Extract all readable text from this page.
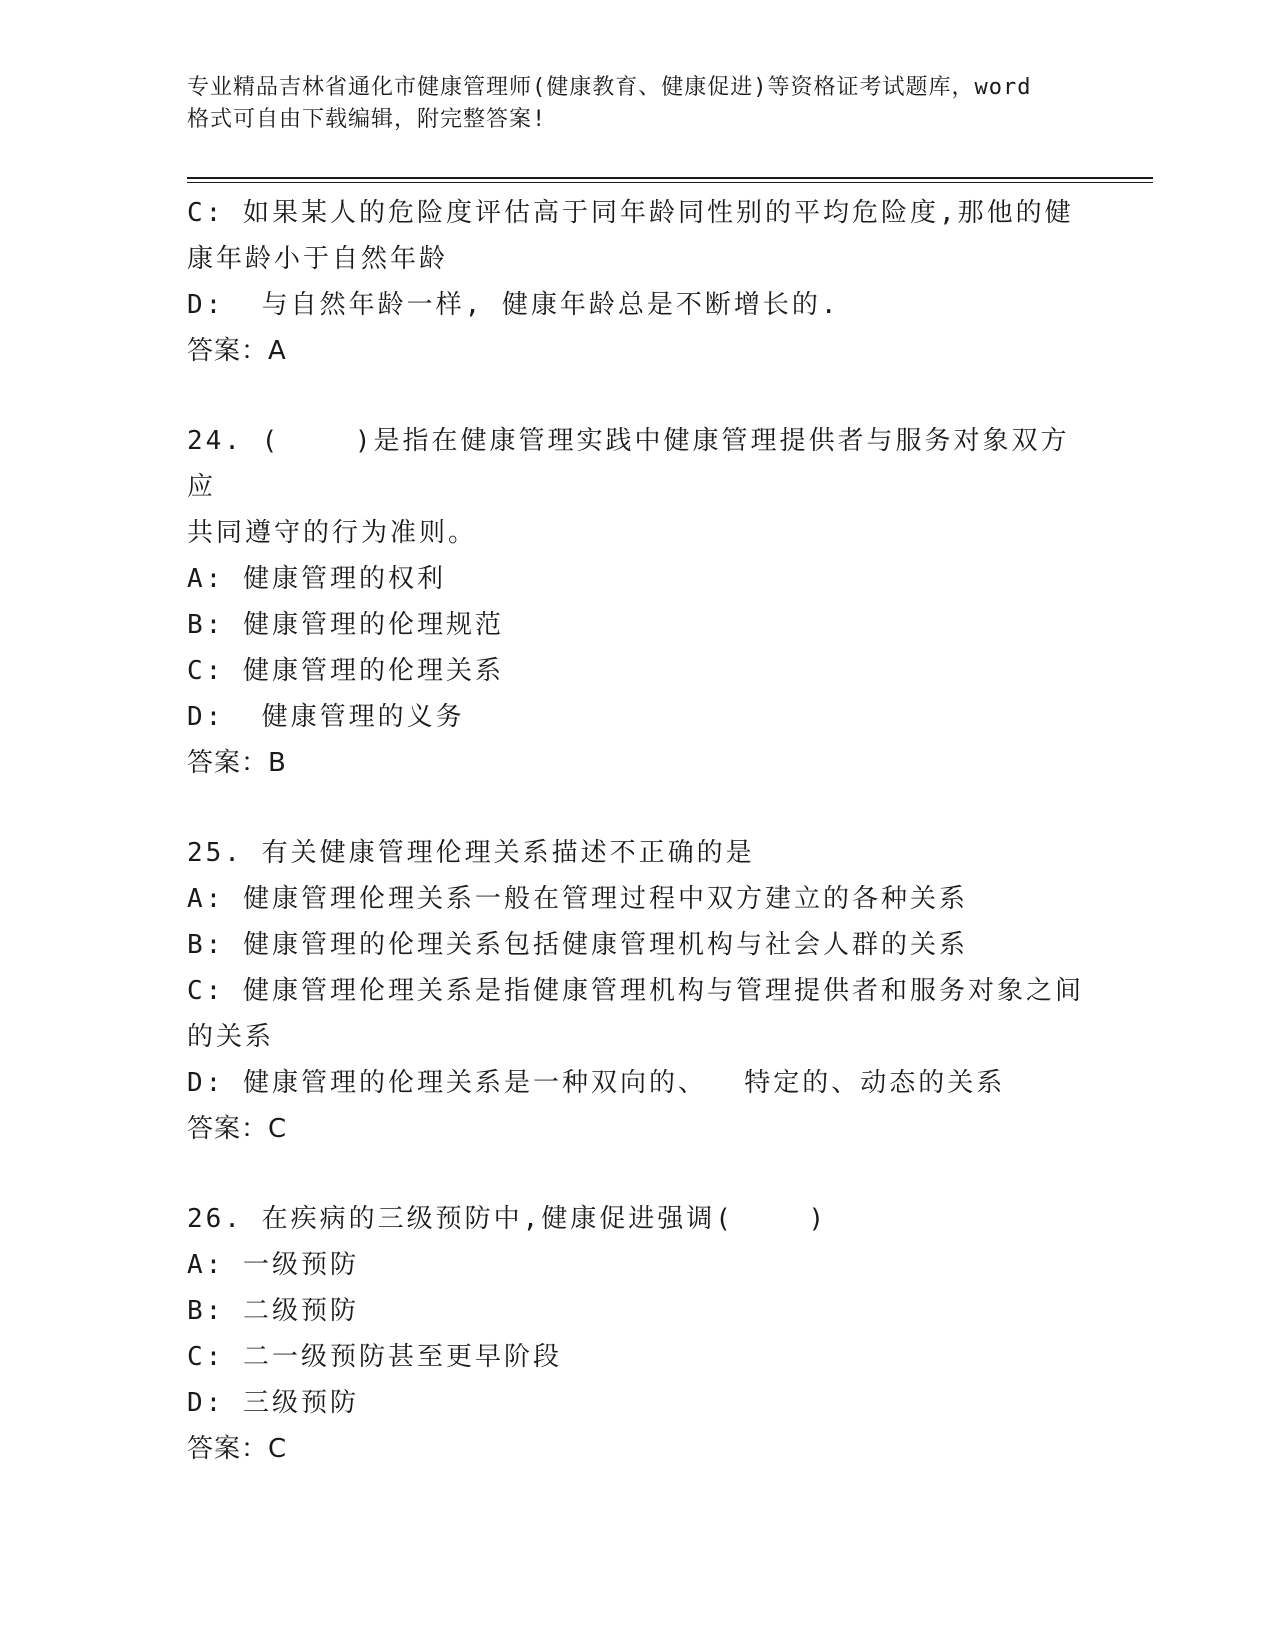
专业精品吉林省通化市健康管理师(健康教育、健康促进)等资格证考试题库，word
格式可自由下载编辑，附完整答案!
C: 如果某人的危险度评估高于同年龄同性别的平均危险度,那他的健
康年龄小于自然年龄
D:  与自然年龄一样, 健康年龄总是不断增长的.
答案：A
24. (    )是指在健康管理实践中健康管理提供者与服务对象双方应
共同遵守的行为准则。
A: 健康管理的权利
B: 健康管理的伦理规范
C: 健康管理的伦理关系
D:  健康管理的义务
答案：B
25. 有关健康管理伦理关系描述不正确的是
A: 健康管理伦理关系一般在管理过程中双方建立的各种关系
B: 健康管理的伦理关系包括健康管理机构与社会人群的关系
C: 健康管理伦理关系是指健康管理机构与管理提供者和服务对象之间
的关系
D: 健康管理的伦理关系是一种双向的、  特定的、动态的关系
答案：C
26. 在疾病的三级预防中,健康促进强调(    )
A: 一级预防
B: 二级预防
C: 二一级预防甚至更早阶段
D: 三级预防
答案：C
